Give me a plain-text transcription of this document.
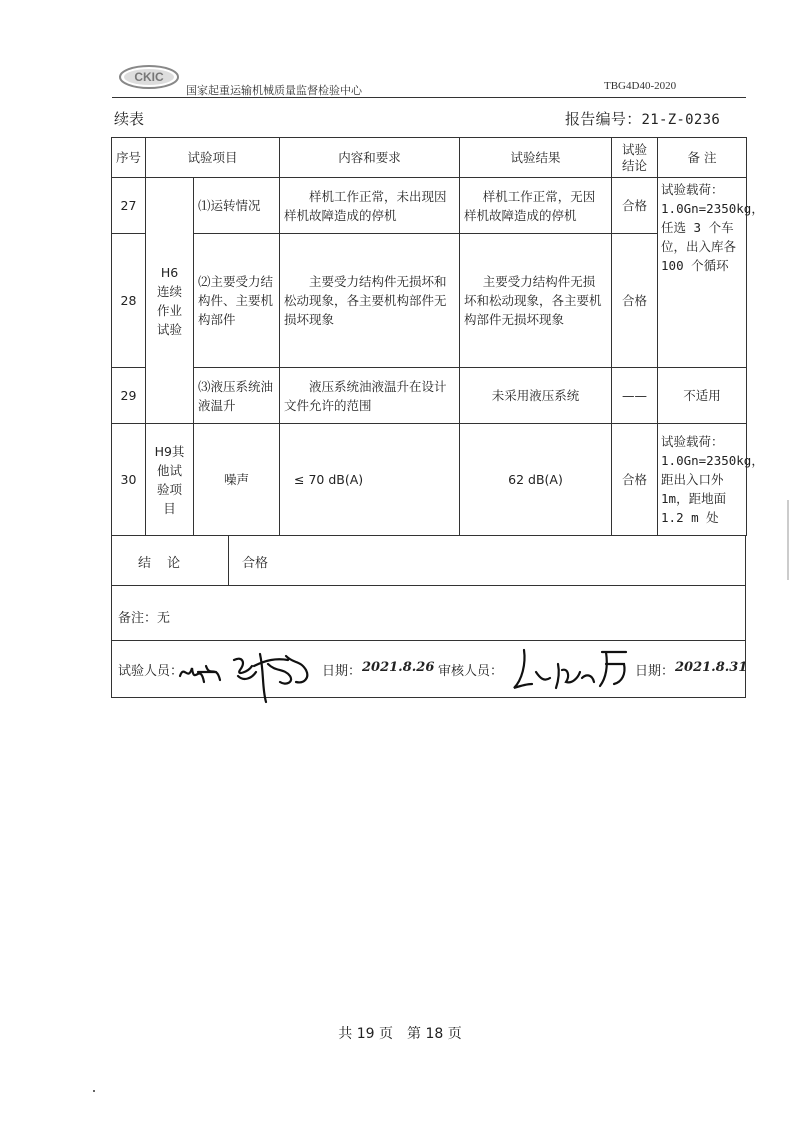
CKIC
国家起重运输机械质量监督检验中心	TBG4D40-2020
续表	报告编号：21-Z-0236
序号	试验项目		内容和要求	试验结果	试验结论	备 注
27	H6连续作业试验	⑴运转情况	样机工作正常，未出现因样机故障造成的停机	样机工作正常，无因样机故障造成的停机	合格	试验载荷：1.0Gn=2350kg，任选 3 个车位，出入库各 100 个循环
28		⑵主要受力结构件、主要机构部件	主要受力结构件无损坏和松动现象，各主要机构部件无损坏现象	主要受力结构件无损坏和松动现象，各主要机构部件无损坏现象	合格	
29		⑶液压系统油液温升	液压系统油液温升在设计文件允许的范围	未采用液压系统	——	不适用
30	H9其他试验项目	噪声	≤ 70 dB(A)	62 dB(A)	合格	试验载荷：1.0Gn=2350kg，距出入口外1m，距地面1.2 m 处
结 论	合格
备注：无
试验人员：	日期： 2021.8.26 审核人员：	日期： 2021.8.31
共 19 页　第 18 页
